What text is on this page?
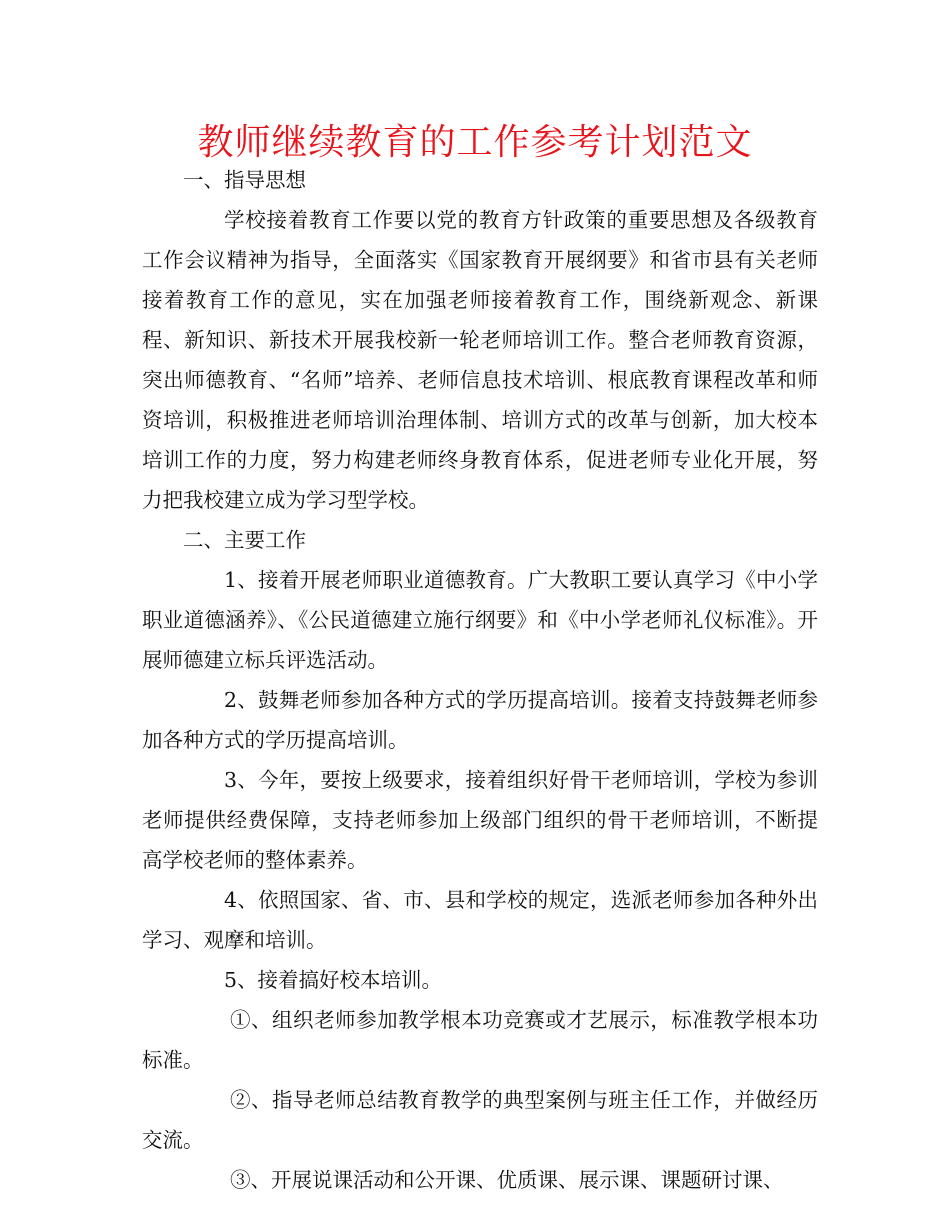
教师继续教育的工作参考计划范文

一、指导思想

学校接着教育工作要以党的教育方针政策的重要思想及各级教育工作会议精神为指导，全面落实《国家教育开展纲要》和省市县有关老师接着教育工作的意见，实在加强老师接着教育工作，围绕新观念、新课程、新知识、新技术开展我校新一轮老师培训工作。整合老师教育资源，突出师德教育、“名师”培养、老师信息技术培训、根底教育课程改革和师资培训，积极推进老师培训治理体制、培训方式的改革与创新，加大校本培训工作的力度，努力构建老师终身教育体系，促进老师专业化开展，努力把我校建立成为学习型学校。

二、主要工作

1、接着开展老师职业道德教育。广大教职工要认真学习《中小学职业道德涵养》、《公民道德建立施行纲要》和《中小学老师礼仪标准》。开展师德建立标兵评选活动。

2、鼓舞老师参加各种方式的学历提高培训。接着支持鼓舞老师参加各种方式的学历提高培训。

3、今年，要按上级要求，接着组织好骨干老师培训，学校为参训老师提供经费保障，支持老师参加上级部门组织的骨干老师培训，不断提高学校老师的整体素养。

4、依照国家、省、市、县和学校的规定，选派老师参加各种外出学习、观摩和培训。

5、接着搞好校本培训。

①、组织老师参加教学根本功竞赛或才艺展示，标准教学根本功标准。

②、指导老师总结教育教学的典型案例与班主任工作，并做经历交流。

③、开展说课活动和公开课、优质课、展示课、课题研讨课、
